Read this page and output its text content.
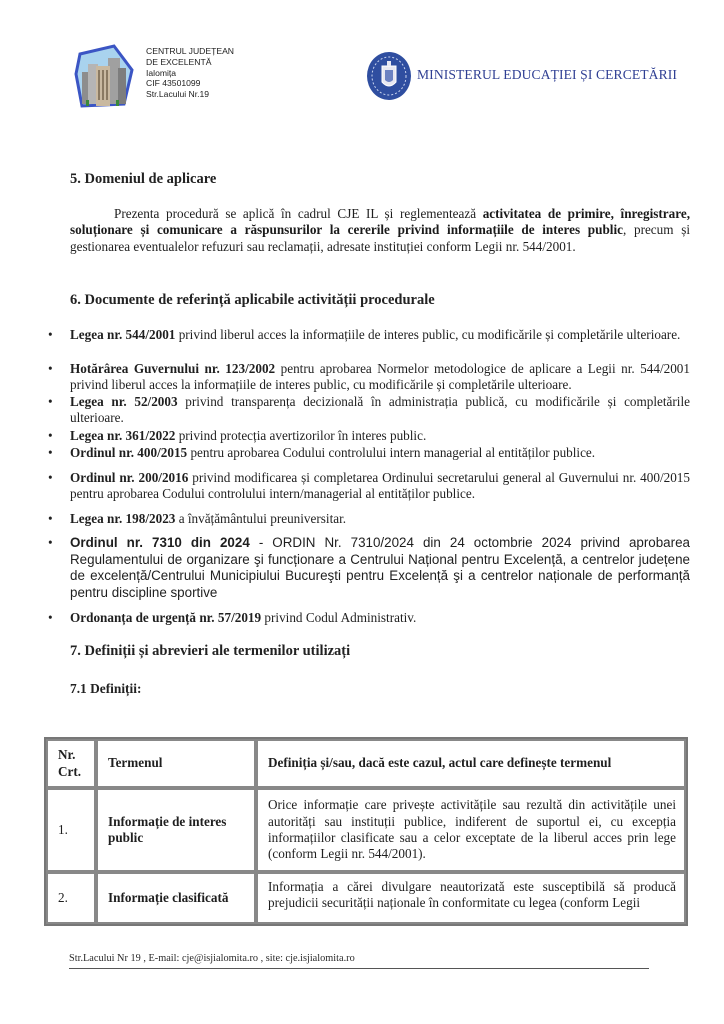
CENTRUL JUDEȚEAN
DE EXCELENTĂ
Ialomița
CIF 43501099
Str.Lacului Nr.19
MINISTERUL EDUCAȚIEI ȘI CERCETĂRII
5. Domeniul de aplicare
Prezenta procedură se aplică în cadrul CJE IL și reglementează activitatea de primire, înregistrare, soluționare și comunicare a răspunsurilor la cererile privind informațiile de interes public, precum și gestionarea eventualelor refuzuri sau reclamații, adresate instituției conform Legii nr. 544/2001.
6. Documente de referință aplicabile activității procedurale
•	Legea nr. 544/2001 privind liberul acces la informațiile de interes public, cu modificările și completările ulterioare.
•	Hotărârea Guvernului nr. 123/2002 pentru aprobarea Normelor metodologice de aplicare a Legii nr. 544/2001 privind liberul acces la informațiile de interes public, cu modificările și completările ulterioare.
•	Legea nr. 52/2003 privind transparența decizională în administrația publică, cu modificările și completările ulterioare.
•	Legea nr. 361/2022 privind protecția avertizorilor în interes public.
•	Ordinul nr. 400/2015 pentru aprobarea Codului controlului intern managerial al entităților publice.
•	Ordinul nr. 200/2016 privind modificarea și completarea Ordinului secretarului general al Guvernului nr. 400/2015 pentru aprobarea Codului controlului intern/managerial al entităților publice.
•	Legea nr. 198/2023 a învățământului preuniversitar.
•	Ordinul nr. 7310 din 2024 - ORDIN Nr. 7310/2024 din 24 octombrie 2024 privind aprobarea Regulamentului de organizare şi funcționare a Centrului Național pentru Excelență, a centrelor județene de excelență/Centrului Municipiului Bucureşti pentru Excelență şi a centrelor naționale de performanță pentru discipline sportive
•	Ordonanța de urgență nr. 57/2019 privind Codul Administrativ.
7. Definiții și abrevieri ale termenilor utilizați
7.1 Definiții:
Nr. Crt.	Termenul	Definiția și/sau, dacă este cazul, actul care definește termenul
1.	Informație de interes public	Orice informație care privește activitățile sau rezultă din activitățile unei autorități sau instituții publice, indiferent de suportul ei, cu excepția informațiilor clasificate sau a celor exceptate de la liberul acces prin lege (conform Legii nr. 544/2001).
2.	Informație clasificată	Informația a cărei divulgare neautorizată este susceptibilă să producă prejudicii securității naționale în conformitate cu legea (conform Legii
Str.Lacului Nr 19 , E-mail: cje@isjialomita.ro , site: cje.isjialomita.ro
